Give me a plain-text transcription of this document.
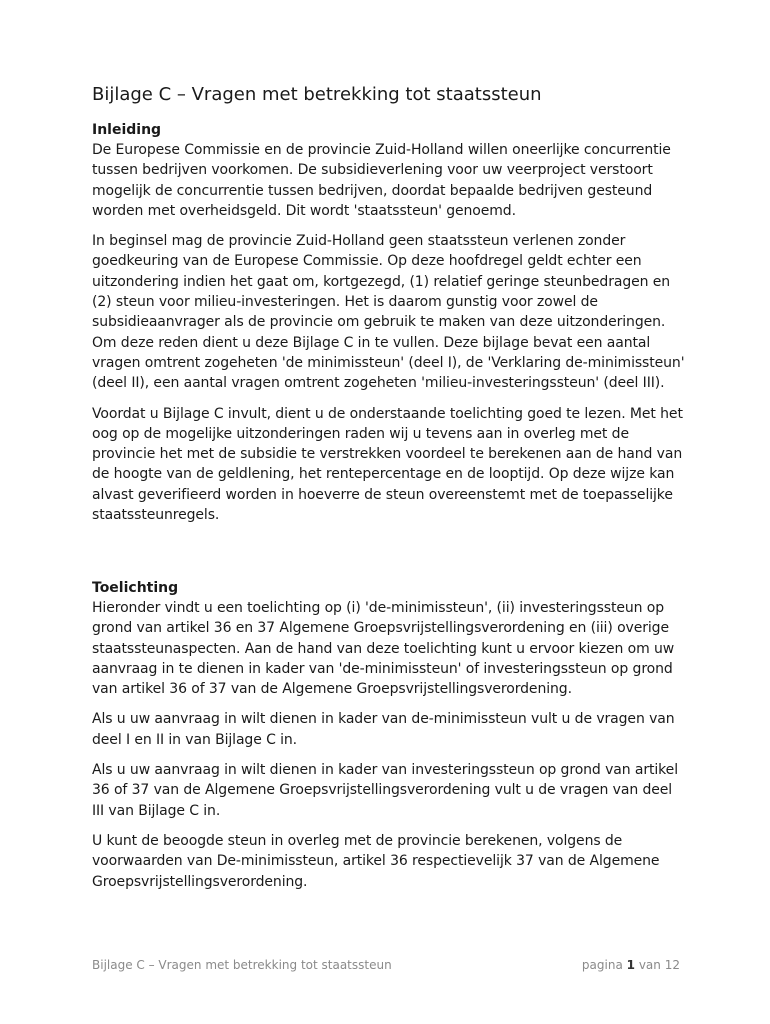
Bijlage C – Vragen met betrekking tot staatssteun
Inleiding

De Europese Commissie en de provincie Zuid-Holland willen oneerlijke concurrentie tussen bedrijven voorkomen. De subsidieverlening voor uw veerproject verstoort mogelijk de concurrentie tussen bedrijven, doordat bepaalde bedrijven gesteund worden met overheidsgeld. Dit wordt 'staatssteun' genoemd.

In beginsel mag de provincie Zuid-Holland geen staatssteun verlenen zonder goedkeuring van de Europese Commissie. Op deze hoofdregel geldt echter een uitzondering indien het gaat om, kortgezegd, (1) relatief geringe steunbedragen en (2) steun voor milieu-investeringen. Het is daarom gunstig voor zowel de subsidieaanvrager als de provincie om gebruik te maken van deze uitzonderingen. Om deze reden dient u deze Bijlage C in te vullen. Deze bijlage bevat een aantal vragen omtrent zogeheten 'de minimissteun' (deel I), de 'Verklaring de-minimissteun' (deel II), een aantal vragen omtrent zogeheten 'milieu-investeringssteun' (deel III).

Voordat u Bijlage C invult, dient u de onderstaande toelichting goed te lezen. Met het oog op de mogelijke uitzonderingen raden wij u tevens aan in overleg met de provincie het met de subsidie te verstrekken voordeel te berekenen aan de hand van de hoogte van de geldlening, het rentepercentage en de looptijd. Op deze wijze kan alvast geverifieerd worden in hoeverre de steun overeenstemt met de toepasselijke staatssteunregels.

Toelichting

Hieronder vindt u een toelichting op (i) 'de-minimissteun', (ii) investeringssteun op grond van artikel 36 en 37 Algemene Groepsvrijstellingsverordening en (iii) overige staatssteunaspecten. Aan de hand van deze toelichting kunt u ervoor kiezen om uw aanvraag in te dienen in kader van 'de-minimissteun' of investeringssteun op grond van artikel 36 of 37 van de Algemene Groepsvrijstellingsverordening.

Als u uw aanvraag in wilt dienen in kader van de-minimissteun vult u de vragen van deel I en II in van Bijlage C in.

Als u uw aanvraag in wilt dienen in kader van investeringssteun op grond van artikel 36 of 37 van de Algemene Groepsvrijstellingsverordening vult u de vragen van deel III van Bijlage C in.

U kunt de beoogde steun in overleg met de provincie berekenen, volgens de voorwaarden van De-minimissteun, artikel 36 respectievelijk 37 van de Algemene Groepsvrijstellingsverordening.

Bijlage C – Vragen met betrekking tot staatssteun	pagina 1 van 12
